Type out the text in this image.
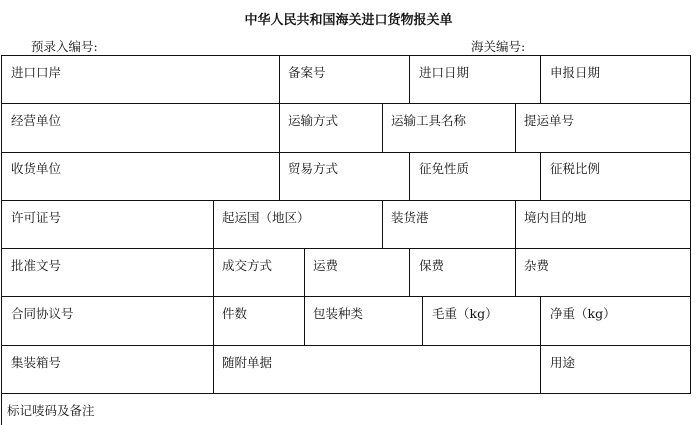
中华人民共和国海关进口货物报关单
预录入编号:	海关编号:
进口口岸	备案号	进口日期	申报日期
经营单位	运输方式	运输工具名称	提运单号
收货单位	贸易方式	征免性质	征税比例
许可证号	起运国（地区）	装货港	境内目的地
批准文号	成交方式	运费	保费	杂费
合同协议号	件数	包装种类	毛重（kg）	净重（kg）
集装箱号	随附单据	用途
标记唛码及备注
